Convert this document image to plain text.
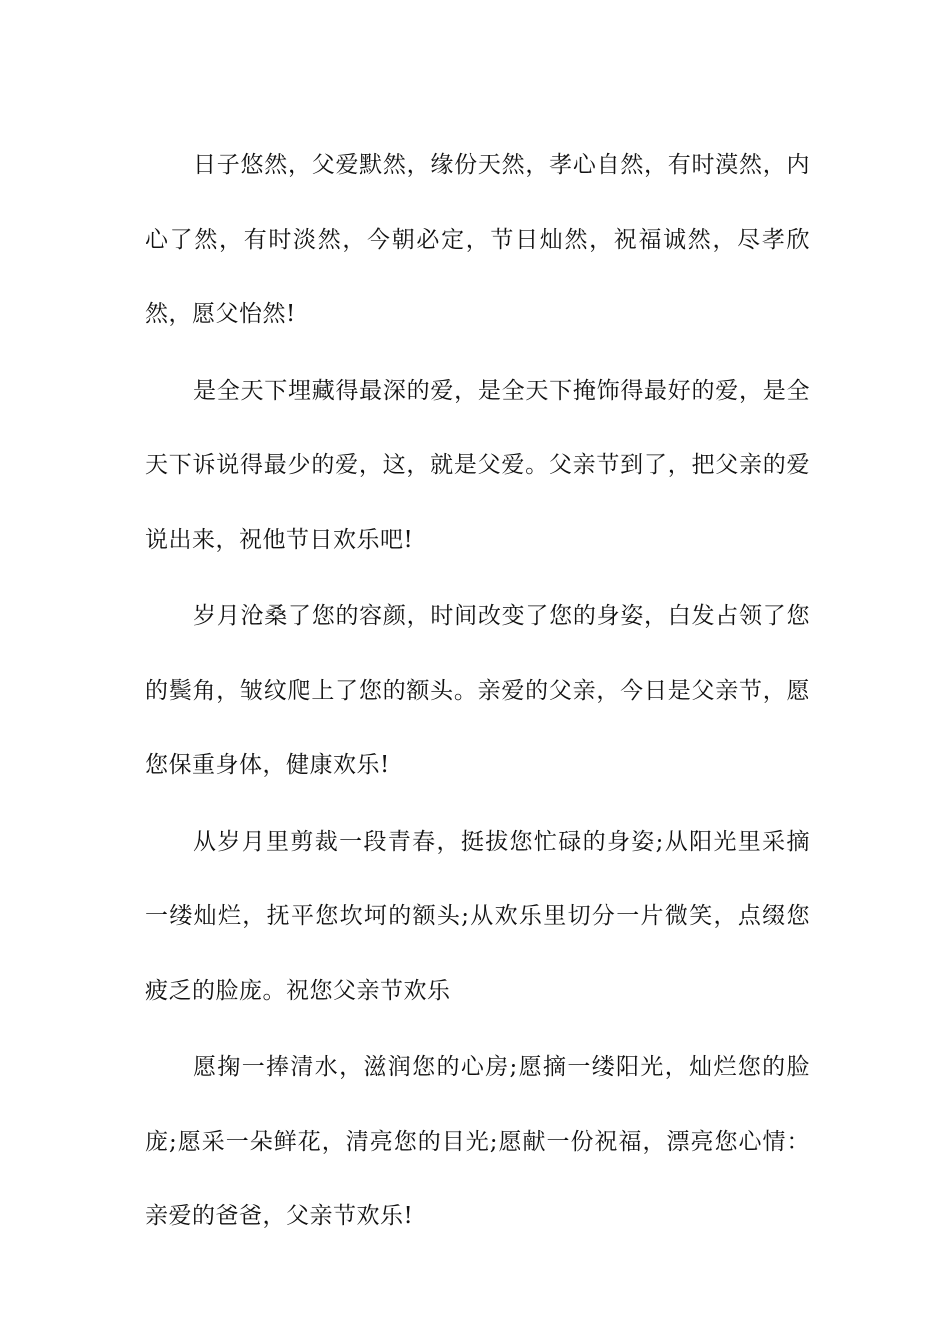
日子悠然，父爱默然，缘份天然，孝心自然，有时漠然，内心了然，有时淡然，今朝必定，节日灿然，祝福诚然，尽孝欣然，愿父怡然!

是全天下埋藏得最深的爱，是全天下掩饰得最好的爱，是全天下诉说得最少的爱，这，就是父爱。父亲节到了，把父亲的爱说出来，祝他节日欢乐吧!

岁月沧桑了您的容颜，时间改变了您的身姿，白发占领了您的鬓角，皱纹爬上了您的额头。亲爱的父亲，今日是父亲节，愿您保重身体，健康欢乐!

从岁月里剪裁一段青春，挺拔您忙碌的身姿;从阳光里采摘一缕灿烂，抚平您坎坷的额头;从欢乐里切分一片微笑，点缀您疲乏的脸庞。祝您父亲节欢乐

愿掬一捧清水，滋润您的心房;愿摘一缕阳光，灿烂您的脸庞;愿采一朵鲜花，清亮您的目光;愿献一份祝福，漂亮您心情：亲爱的爸爸，父亲节欢乐!
